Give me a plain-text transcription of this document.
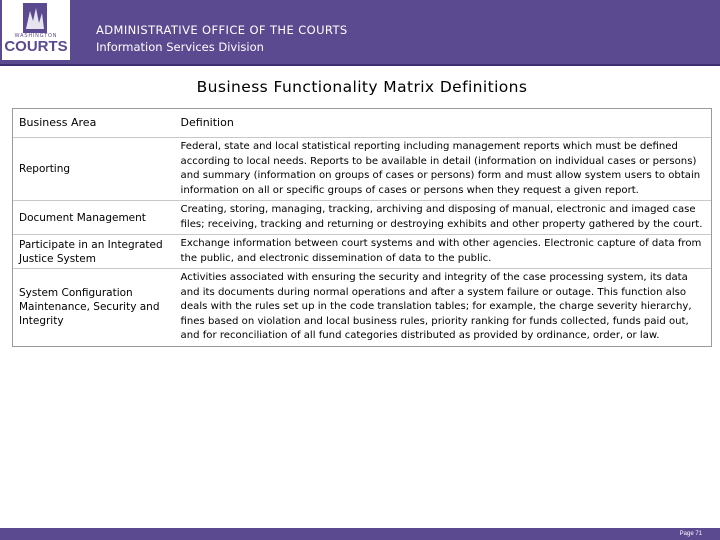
WASHINGTON
COURTS
ADMINISTRATIVE OFFICE OF THE COURTS
Information Services Division
Business Functionality Matrix Definitions
Business Area	Definition
Reporting
Federal, state and local statistical reporting including management reports which must be defined according to local needs. Reports to be available in detail (information on individual cases or persons) and summary (information on groups of cases or persons) form and must allow system users to obtain information on all or specific groups of cases or persons when they request a given report.
Document Management
Creating, storing, managing, tracking, archiving and disposing of manual, electronic and imaged case files; receiving, tracking and returning or destroying exhibits and other property gathered by the court.
Participate in an Integrated Justice System
Exchange information between court systems and with other agencies. Electronic capture of data from the public, and electronic dissemination of data to the public.
System Configuration Maintenance, Security and Integrity
Activities associated with ensuring the security and integrity of the case processing system, its data and its documents during normal operations and after a system failure or outage. This function also deals with the rules set up in the code translation tables; for example, the charge severity hierarchy, fines based on violation and local business rules, priority ranking for funds collected, funds paid out, and for reconciliation of all fund categories distributed as provided by ordinance, order, or law.
Page 71
